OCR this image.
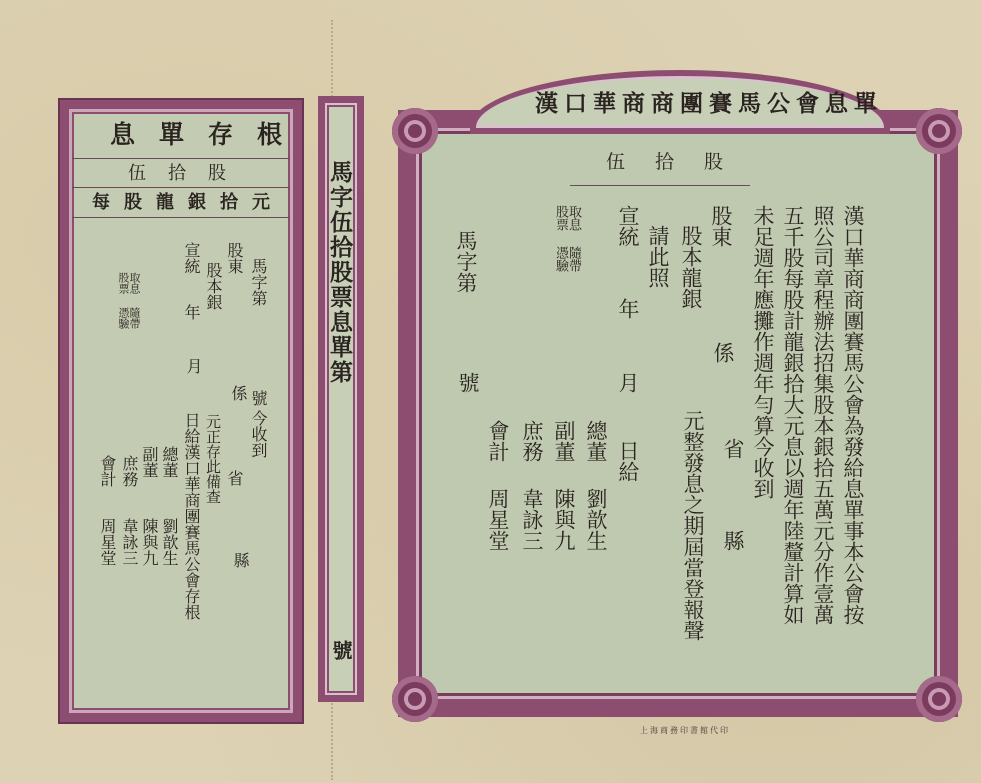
息單存根
伍拾股
每股龍銀拾元
馬字第
號
今收到
省
縣
股東
係
股本銀
元正存此備查
宣統
年
月
日給漢口華商團賽馬公會存根
總董
劉歆生
副董
陳與九
庶務
韋詠三
會計
周星堂
取息 隨帶 股票 憑驗	馬字伍拾股票息單第
號
漢口華商商團賽馬公會息單
伍拾股
漢口華商商團賽馬公會為發給息單事本公會按
照公司章程辦法招集股本銀拾五萬元分作壹萬
五千股每股計龍銀拾大元息以週年陸釐計算如
未足週年應攤作週年勻算今收到
省
縣
股東
係
股本龍銀
元整發息之期屆當登報聲
請此照
宣統
年
月
日給
取息 隨帶 股票 憑驗
總董
劉歆生
副董
陳與九
庶務
韋詠三
會計
周星堂
馬字第
號
上海商務印書館代印
